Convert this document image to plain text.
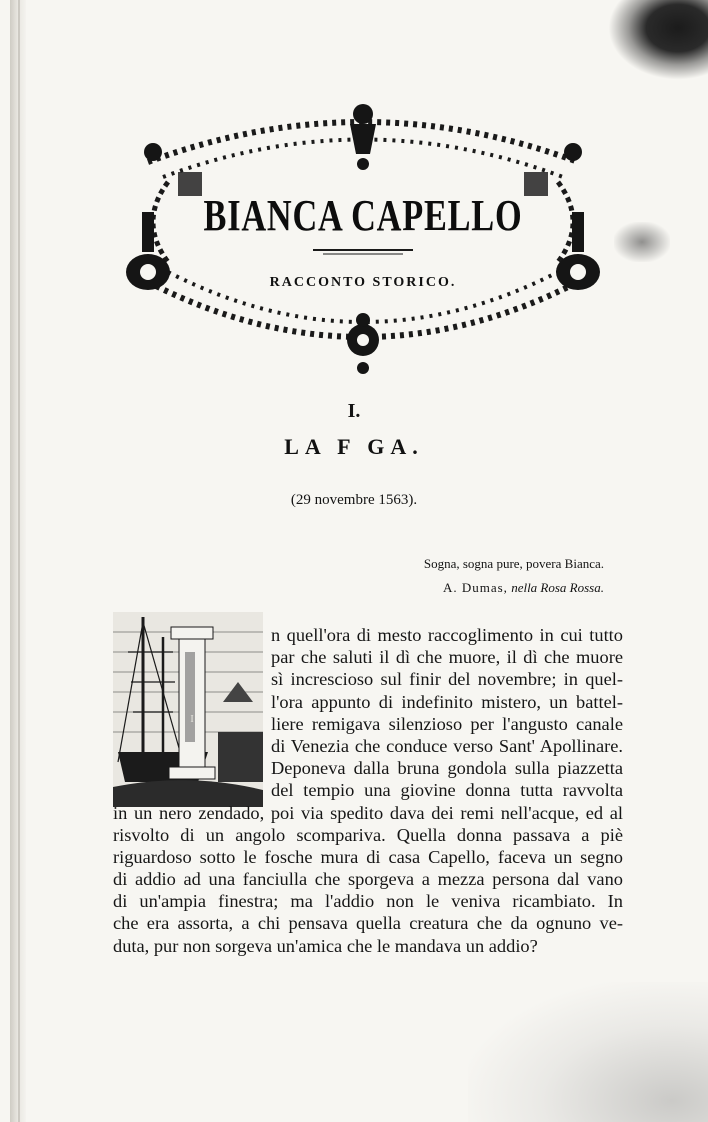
BIANCA CAPELLO
RACCONTO STORICO.
I.
LA F GA.
(29 novembre 1563).
Sogna, sogna pure, povera Bianca.
A. Dumas, nella Rosa Rossa.
I
n quell'ora di mesto raccoglimento in cui tutto
par che saluti il dì che muore, il dì che muore
sì increscioso sul finir del novembre; in quel-
l'ora appunto di indefinito mistero, un battel-
liere remigava silenzioso per l'angusto canale
di Venezia che conduce verso Sant' Apollinare.
Deponeva dalla bruna gondola sulla piazzetta
del tempio una giovine donna tutta ravvolta
in un nero zendado, poi via spedito dava dei remi nell'acque, ed al
risvolto di un angolo scompariva. Quella donna passava a piè
riguardoso sotto le fosche mura di casa Capello, faceva un segno
di addio ad una fanciulla che sporgeva a mezza persona dal vano
di un'ampia finestra; ma l'addio non le veniva ricambiato. In
che era assorta, a chi pensava quella creatura che da ognuno ve-
duta, pur non sorgeva un'amica che le mandava un addio?
